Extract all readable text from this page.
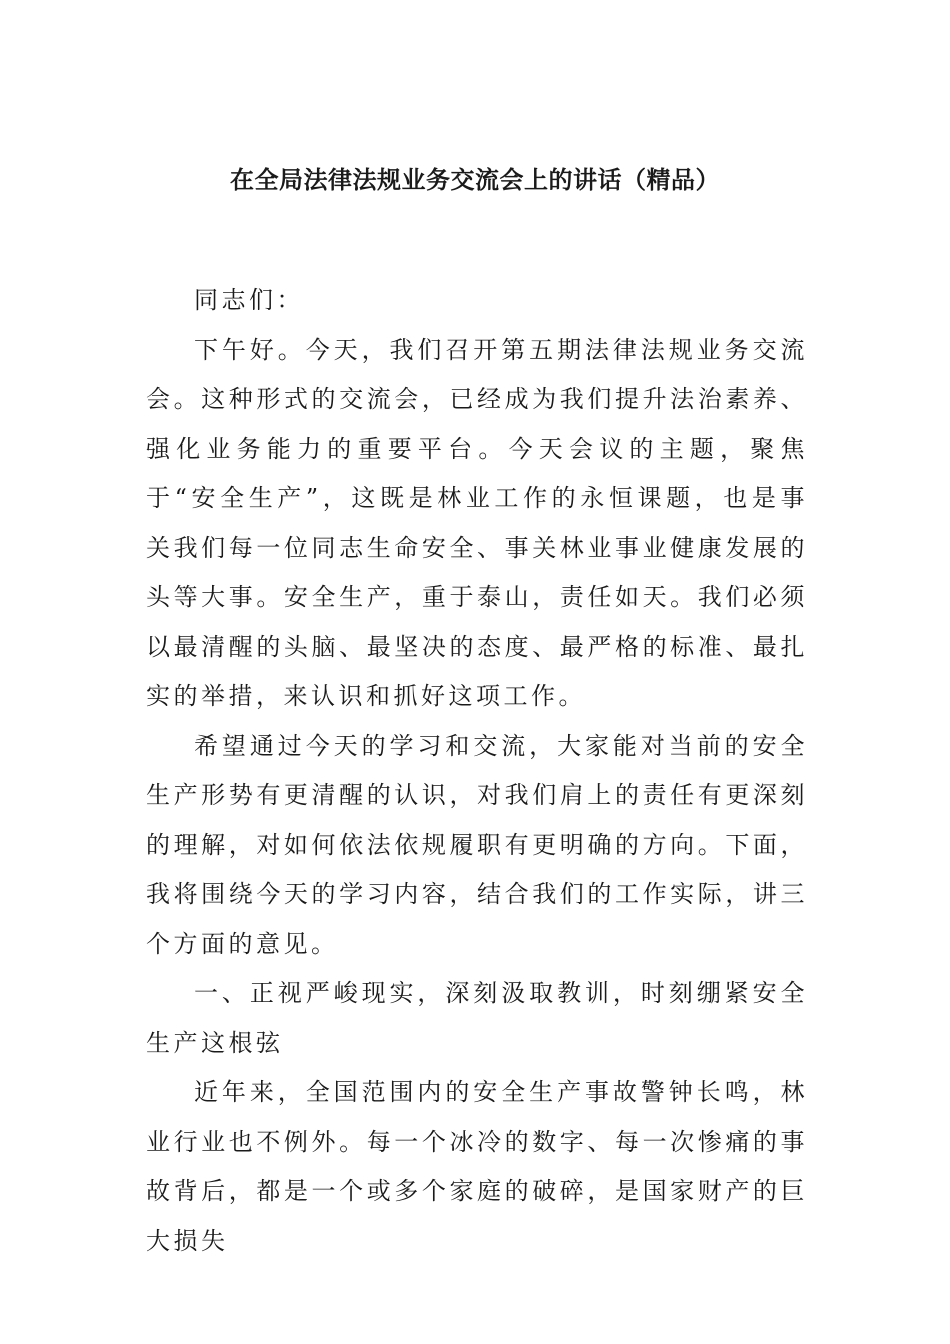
在全局法律法规业务交流会上的讲话（精品）

同志们：

下午好。今天，我们召开第五期法律法规业务交流会。这种形式的交流会，已经成为我们提升法治素养、强化业务能力的重要平台。今天会议的主题，聚焦于“安全生产”，这既是林业工作的永恒课题，也是事关我们每一位同志生命安全、事关林业事业健康发展的头等大事。安全生产，重于泰山，责任如天。我们必须以最清醒的头脑、最坚决的态度、最严格的标准、最扎实的举措，来认识和抓好这项工作。

希望通过今天的学习和交流，大家能对当前的安全生产形势有更清醒的认识，对我们肩上的责任有更深刻的理解，对如何依法依规履职有更明确的方向。下面，我将围绕今天的学习内容，结合我们的工作实际，讲三个方面的意见。

一、正视严峻现实，深刻汲取教训，时刻绷紧安全生产这根弦

近年来，全国范围内的安全生产事故警钟长鸣，林业行业也不例外。每一个冰冷的数字、每一次惨痛的事故背后，都是一个或多个家庭的破碎，是国家财产的巨大损失
